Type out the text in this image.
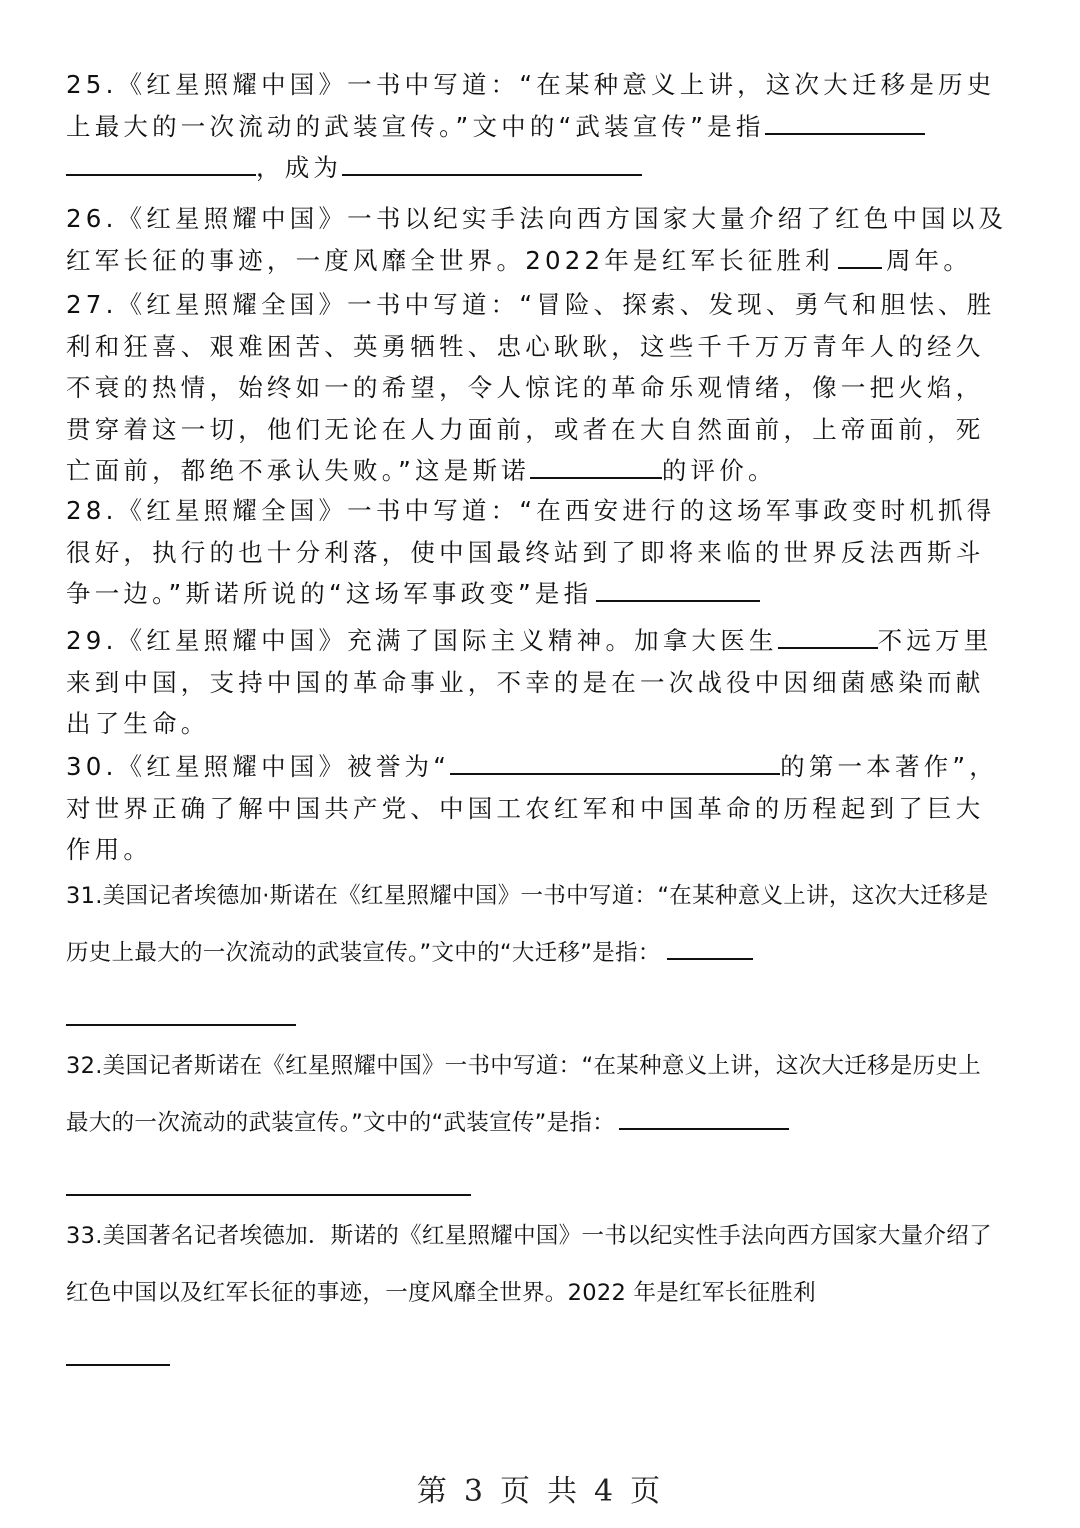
25.《红星照耀中国》一书中写道：“在某种意义上讲，这次大迁移是历史上最大的一次流动的武装宣传。”文中的“武装宣传”是指
，成为
26.《红星照耀中国》一书以纪实手法向西方国家大量介绍了红色中国以及红军长征的事迹，一度风靡全世界。2022年是红军长征胜利 周年。
27.《红星照耀全国》一书中写道：“冒险、探索、发现、勇气和胆怯、胜利和狂喜、艰难困苦、英勇牺牲、忠心耿耿，这些千千万万青年人的经久不衰的热情，始终如一的希望，令人惊诧的革命乐观情绪，像一把火焰，贯穿着这一切，他们无论在人力面前，或者在大自然面前，上帝面前，死亡面前，都绝不承认失败。”这是斯诺	的评价。
28.《红星照耀全国》一书中写道：“在西安进行的这场军事政变时机抓得很好，执行的也十分利落，使中国最终站到了即将来临的世界反法西斯斗争一边。”斯诺所说的“这场军事政变”是指
29.《红星照耀中国》充满了国际主义精神。加拿大医生	不远万里来到中国，支持中国的革命事业，不幸的是在一次战役中因细菌感染而献出了生命。
30.《红星照耀中国》被誉为“	的第一本著作”，对世界正确了解中国共产党、中国工农红军和中国革命的历程起到了巨大作用。
31.美国记者埃德加·斯诺在《红星照耀中国》一书中写道：“在某种意义上讲，这次大迁移是历史上最大的一次流动的武装宣传。”文中的“大迁移”是指：
32.美国记者斯诺在《红星照耀中国》一书中写道：“在某种意义上讲，这次大迁移是历史上最大的一次流动的武装宣传。”文中的“武装宣传”是指：
33.美国著名记者埃德加．斯诺的《红星照耀中国》一书以纪实性手法向西方国家大量介绍了红色中国以及红军长征的事迹，一度风靡全世界。2022 年是红军长征胜利
第 3 页 共 4 页
